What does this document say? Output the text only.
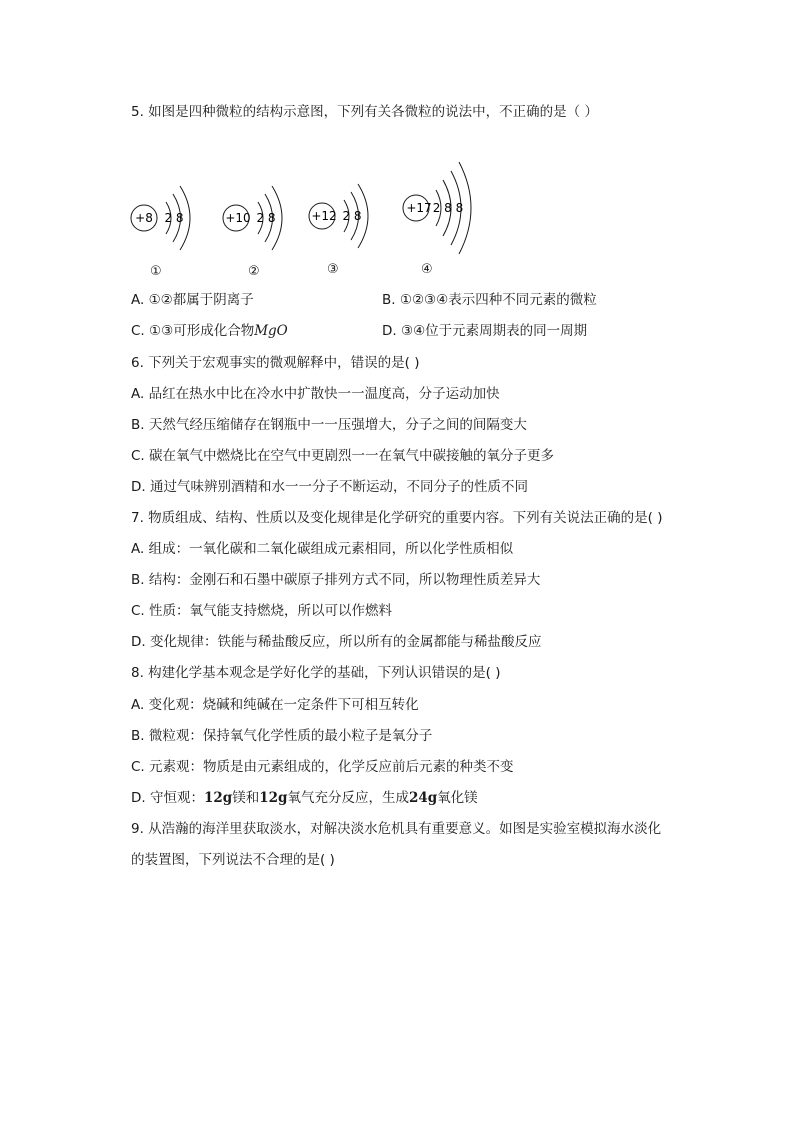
5. 如图是四种微粒的结构示意图，下列有关各微粒的说法中，不正确的是（ ）
+8 2 8
①
+10 2 8
②
+12 2 8
③
+17 2 8 8
④
A. ①②都属于阴离子	B. ①②③④表示四种不同元素的微粒
C. ①③可形成化合物MgO	D. ③④位于元素周期表的同一周期
6. 下列关于宏观事实的微观解释中，错误的是( )
A. 品红在热水中比在冷水中扩散快一一温度高，分子运动加快
B. 天然气经压缩储存在钢瓶中一一压强增大，分子之间的间隔变大
C. 碳在氧气中燃烧比在空气中更剧烈一一在氧气中碳接触的氧分子更多
D. 通过气味辨别酒精和水一一分子不断运动，不同分子的性质不同
7. 物质组成、结构、性质以及变化规律是化学研究的重要内容。下列有关说法正确的是( )
A. 组成：一氧化碳和二氧化碳组成元素相同，所以化学性质相似
B. 结构：金刚石和石墨中碳原子排列方式不同，所以物理性质差异大
C. 性质：氧气能支持燃烧，所以可以作燃料
D. 变化规律：铁能与稀盐酸反应，所以所有的金属都能与稀盐酸反应
8. 构建化学基本观念是学好化学的基础，下列认识错误的是( )
A. 变化观：烧碱和纯碱在一定条件下可相互转化
B. 微粒观：保持氧气化学性质的最小粒子是氧分子
C. 元素观：物质是由元素组成的，化学反应前后元素的种类不变
D. 守恒观：12g镁和12g氧气充分反应，生成24g氧化镁
9. 从浩瀚的海洋里获取淡水，对解决淡水危机具有重要意义。如图是实验室模拟海水淡化
的装置图，下列说法不合理的是( )
